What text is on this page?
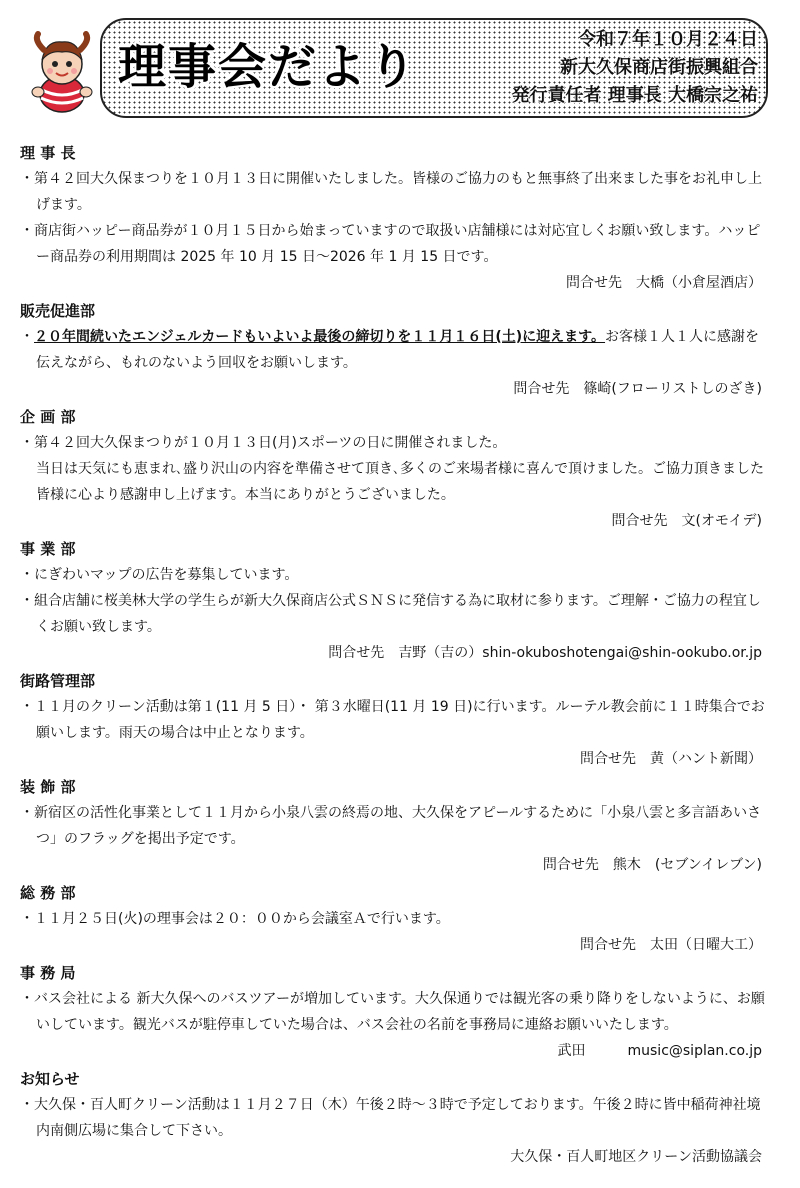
理事会だより	令和７年１０月２４日
新大久保商店街振興組合
発行責任者 理事長 大橋宗之祐
理 事 長
・第４２回大久保まつりを１０月１３日に開催いたしました。皆様のご協力のもと無事終了出来ました事をお礼申し上げます。
・商店街ハッピー商品券が１０月１５日から始まっていますので取扱い店舗様には対応宜しくお願い致します。ハッピー商品券の利用期間は 2025 年 10 月 15 日～2026 年 1 月 15 日です。
問合せ先　大橋（小倉屋酒店）
販売促進部
・２０年間続いたエンジェルカードもいよいよ最後の締切りを１１月１６日(土)に迎えます。お客様１人１人に感謝を伝えながら、もれのないよう回収をお願いします。
問合せ先　篠崎(フローリストしのざき)
企 画 部
・第４２回大久保まつりが１０月１３日(月)スポーツの日に開催されました。
当日は天気にも恵まれ､盛り沢山の内容を準備させて頂き､多くのご来場者様に喜んで頂けました。ご協力頂きました皆様に心より感謝申し上げます。本当にありがとうございました。
問合せ先　文(オモイデ)
事 業 部
・にぎわいマップの広告を募集しています。
・組合店舗に桜美林大学の学生らが新大久保商店公式ＳＮＳに発信する為に取材に参ります。ご理解・ご協力の程宜しくお願い致します。
問合せ先　吉野（吉の）shin-okuboshotengai@shin-ookubo.or.jp
街路管理部
・１１月のクリーン活動は第１(11 月 5 日）・ 第３水曜日(11 月 19 日)に行います。ルーテル教会前に１１時集合でお願いします。雨天の場合は中止となります。
問合せ先　黄（ハント新聞）
装 飾 部
・新宿区の活性化事業として１１月から小泉八雲の終焉の地、大久保をアピールするために「小泉八雲と多言語あいさつ」のフラッグを掲出予定です。
問合せ先　熊木　(セブンイレブン)
総 務 部
・１１月２５日(火)の理事会は２０：００から会議室Ａで行います。
問合せ先　太田（日曜大工）
事 務 局
・バス会社による 新大久保へのバスツアーが増加しています。大久保通りでは観光客の乗り降りをしないように、お願いしています。観光バスが駐停車していた場合は、バス会社の名前を事務局に連絡お願いいたします。
武田　　　music@siplan.co.jp
お知らせ
・大久保・百人町クリーン活動は１１月２７日（木）午後２時～３時で予定しております。午後２時に皆中稲荷神社境内南側広場に集合して下さい。
大久保・百人町地区クリーン活動協議会
